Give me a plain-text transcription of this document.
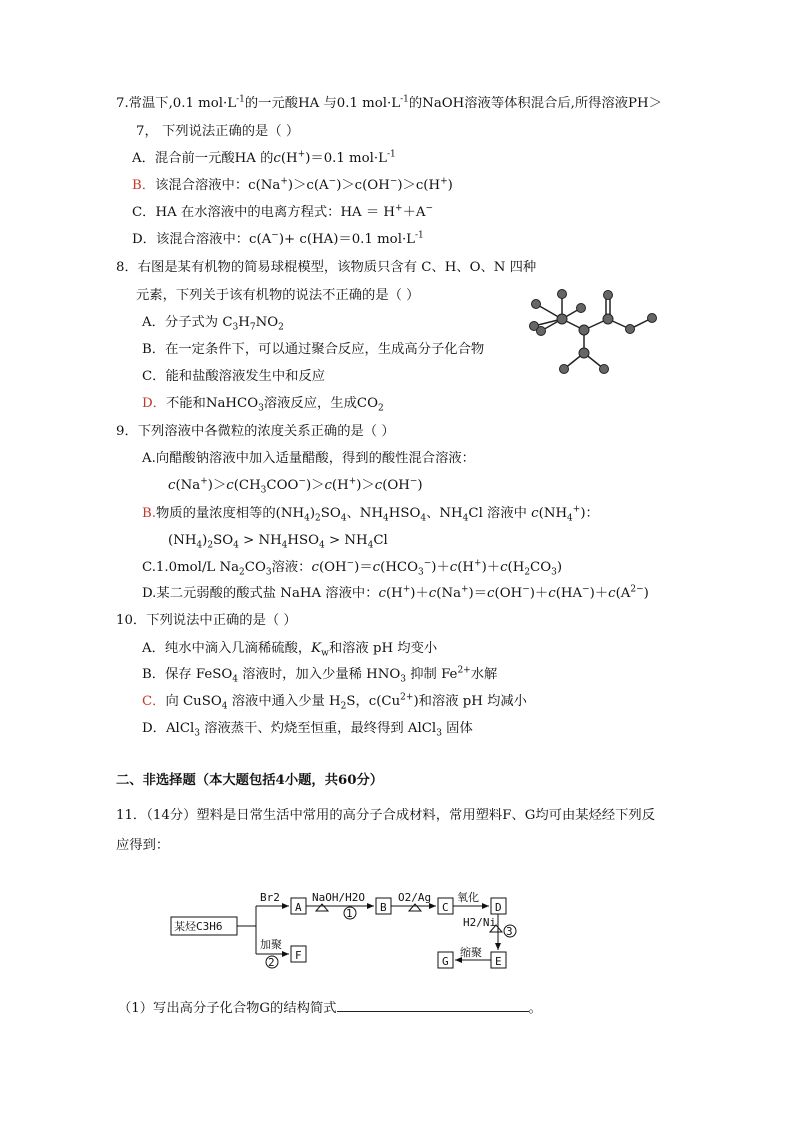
7.常温下,0.1 $mol\cdot L^{-1}$的一元酸HA 与0.1 $mol\cdot L^{-1}$的NaOH溶液等体积混合后,所得溶液PH＞
7， 下列说法正确的是（ ）
A．混合前一元酸HA 的c(H+)＝0.1 $mol\cdot L^{-1}$
B．该混合溶液中：c(Na+)＞c(A−)＞c(OH−)＞c(H+)
C．HA 在水溶液中的电离方程式：HA ＝ H+＋A−
D．该混合溶液中：c(A−)+ c(HA)＝0.1 $mol\cdot L^{-1}$
8．右图是某有机物的简易球棍模型，该物质只含有 C、H、O、N 四种
元素，下列关于该有机物的说法不正确的是（ ）
A．分子式为 $C_3H_7NO_2$
B．在一定条件下，可以通过聚合反应，生成高分子化合物
C．能和盐酸溶液发生中和反应
D．不能和NaHCO$_3$溶液反应，生成$CO_2$
9．下列溶液中各微粒的浓度关系正确的是（ ）
A.向醋酸钠溶液中加入适量醋酸，得到的酸性混合溶液：
$c(Na^+)>c(CH_3COO^-)>c(H^+)>c(OH^-)$
B.物质的量浓度相等的$(NH_4)_2SO_4$、$NH_4HSO_4$、$NH_4Cl$ 溶液中 $c(NH_4^+)$：
$(NH_4)_2SO_4 > NH_4HSO_4 > NH_4Cl$
C.1.0mol/L $Na_2CO_3$溶液：$c(OH^-)=c(HCO_3^-)+c(H^+)+c(H_2CO_3)$
D.某二元弱酸的酸式盐 NaHA 溶液中：$c(H^+)+c(Na^+)=c(OH^-)+c(HA^-)+c(A^{2-})$
10．下列说法中正确的是（ ）
A．纯水中滴入几滴稀硫酸，$K_w$和溶液 pH 均变小
B．保存 FeSO$_4$ 溶液时，加入少量稀 $HNO_3$ 抑制 $Fe^{2+}$水解
C．向 CuSO$_4$ 溶液中通入少量 $H_2S$，$c(Cu^{2+})$和溶液 pH 均减小
D．AlCl$_3$ 溶液蒸干、灼烧至恒重，最终得到 AlCl$_3$ 固体
二、非选择题（本大题包括4小题，共60分）
11．（14分）塑料是日常生活中常用的高分子合成材料，常用塑料F、G均可由某烃经下列反
应得到：
某烃C3H6
Br2
加聚
2
A
F
NaOH/H2O
1 B
O2/Ag
C
氧化
D
H2/Ni
3
E
缩聚
G
（1）写出高分子化合物G的结构简式	。
